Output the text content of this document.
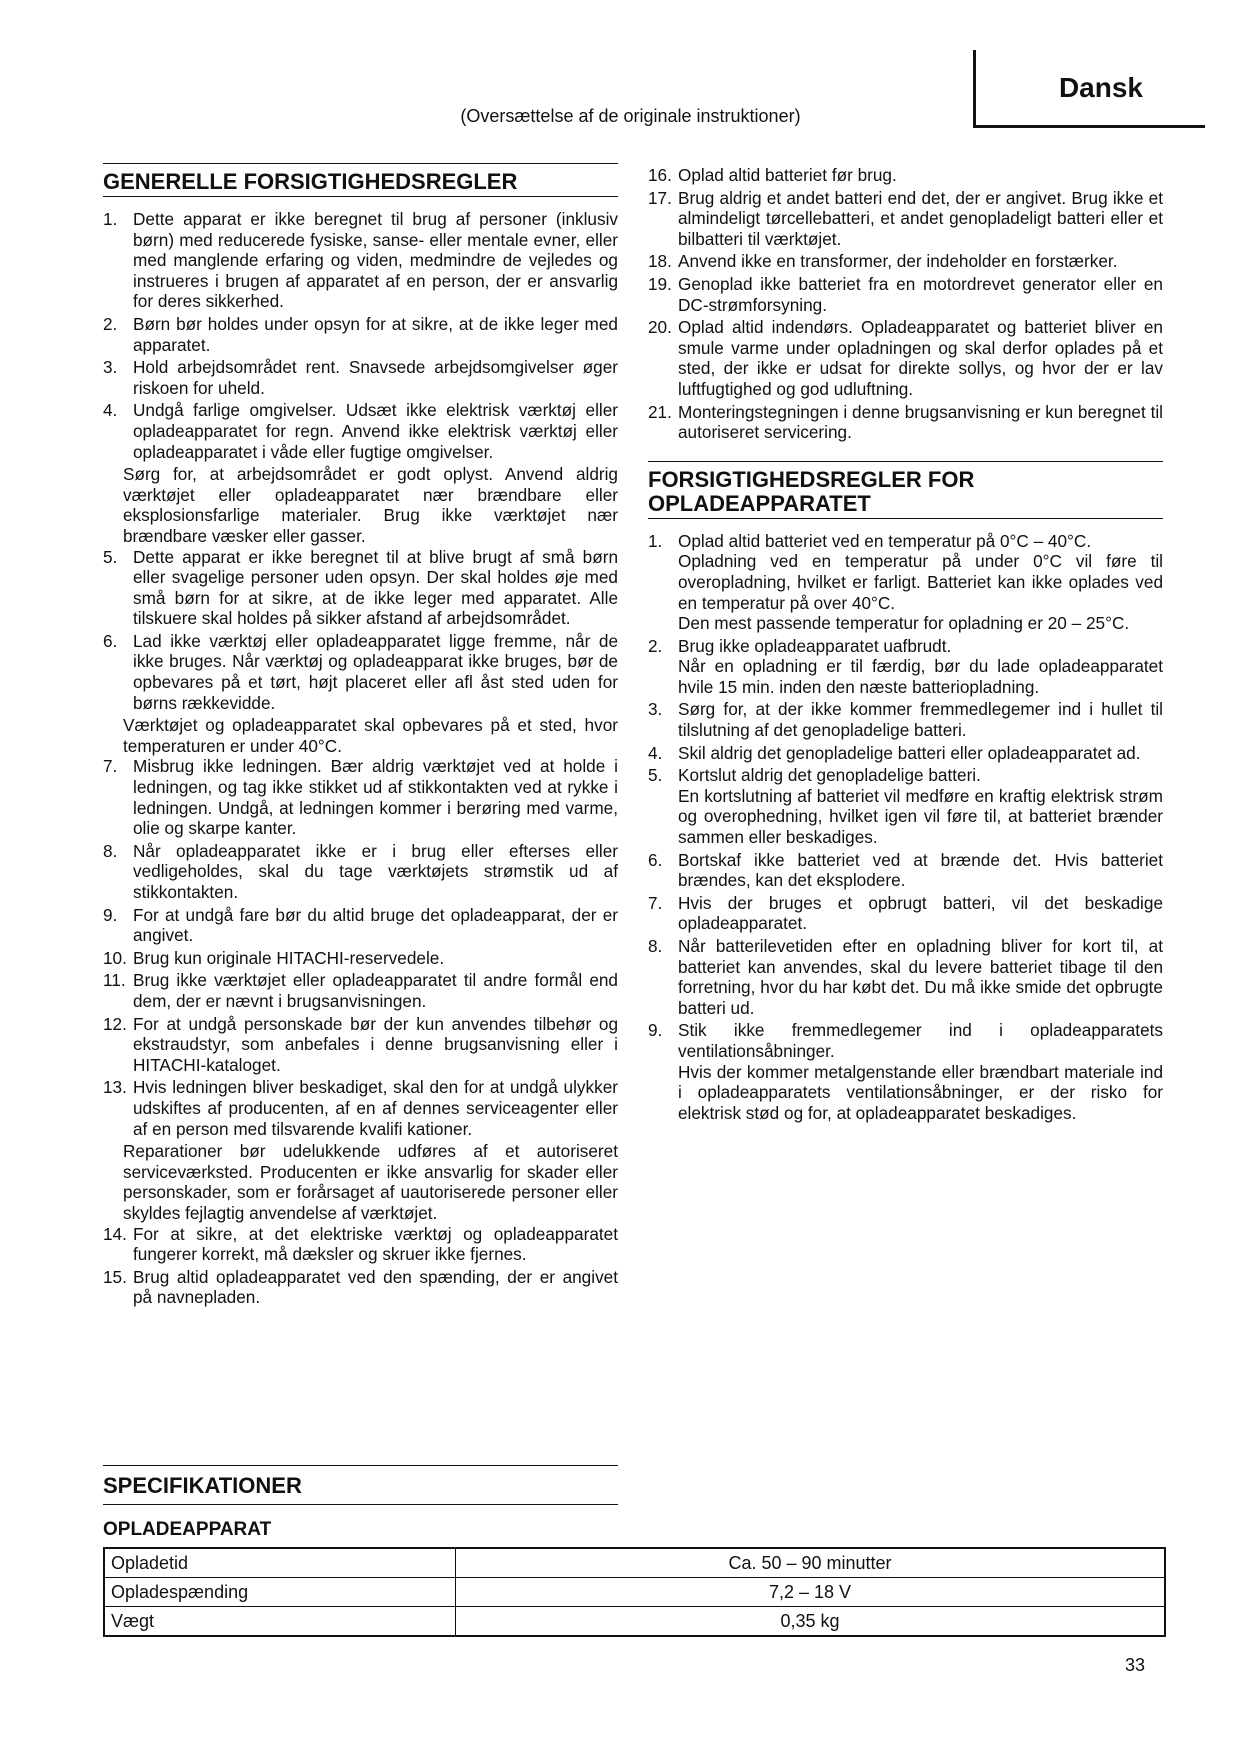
Dansk
(Oversættelse af de originale instruktioner)
GENERELLE FORSIGTIGHEDSREGLER
1. Dette apparat er ikke beregnet til brug af personer (inklusiv børn) med reducerede fysiske, sanse- eller mentale evner, eller med manglende erfaring og viden, medmindre de vejledes og instrueres i brugen af apparatet af en person, der er ansvarlig for deres sikkerhed.
2. Børn bør holdes under opsyn for at sikre, at de ikke leger med apparatet.
3. Hold arbejdsområdet rent. Snavsede arbejdsomgivelser øger riskoen for uheld.
4. Undgå farlige omgivelser. Udsæt ikke elektrisk værktøj eller opladeapparatet for regn. Anvend ikke elektrisk værktøj eller opladeapparatet i våde eller fugtige omgivelser.
Sørg for, at arbejdsområdet er godt oplyst. Anvend aldrig værktøjet eller opladeapparatet nær brændbare eller eksplosionsfarlige materialer. Brug ikke værktøjet nær brændbare væsker eller gasser.
5. Dette apparat er ikke beregnet til at blive brugt af små børn eller svagelige personer uden opsyn. Der skal holdes øje med små børn for at sikre, at de ikke leger med apparatet. Alle tilskuere skal holdes på sikker afstand af arbejdsområdet.
6. Lad ikke værktøj eller opladeapparatet ligge fremme, når de ikke bruges. Når værktøj og opladeapparat ikke bruges, bør de opbevares på et tørt, højt placeret eller afl åst sted uden for børns rækkevidde.
Værktøjet og opladeapparatet skal opbevares på et sted, hvor temperaturen er under 40°C.
7. Misbrug ikke ledningen. Bær aldrig værktøjet ved at holde i ledningen, og tag ikke stikket ud af stikkontakten ved at rykke i ledningen. Undgå, at ledningen kommer i berøring med varme, olie og skarpe kanter.
8. Når opladeapparatet ikke er i brug eller efterses eller vedligeholdes, skal du tage værktøjets strømstik ud af stikkontakten.
9. For at undgå fare bør du altid bruge det opladeapparat, der er angivet.
10. Brug kun originale HITACHI-reservedele.
11. Brug ikke værktøjet eller opladeapparatet til andre formål end dem, der er nævnt i brugsanvisningen.
12. For at undgå personskade bør der kun anvendes tilbehør og ekstraudstyr, som anbefales i denne brugsanvisning eller i HITACHI-kataloget.
13. Hvis ledningen bliver beskadiget, skal den for at undgå ulykker udskiftes af producenten, af en af dennes serviceagenter eller af en person med tilsvarende kvalifi kationer.
Reparationer bør udelukkende udføres af et autoriseret serviceværksted. Producenten er ikke ansvarlig for skader eller personskader, som er forårsaget af uautoriserede personer eller skyldes fejlagtig anvendelse af værktøjet.
14. For at sikre, at det elektriske værktøj og opladeapparatet fungerer korrekt, må dæksler og skruer ikke fjernes.
15. Brug altid opladeapparatet ved den spænding, der er angivet på navnepladen.
16. Oplad altid batteriet før brug.
17. Brug aldrig et andet batteri end det, der er angivet. Brug ikke et almindeligt tørcellebatteri, et andet genopladeligt batteri eller et bilbatteri til værktøjet.
18. Anvend ikke en transformer, der indeholder en forstærker.
19. Genoplad ikke batteriet fra en motordrevet generator eller en DC-strømforsyning.
20. Oplad altid indendørs. Opladeapparatet og batteriet bliver en smule varme under opladningen og skal derfor oplades på et sted, der ikke er udsat for direkte sollys, og hvor der er lav luftfugtighed og god udluftning.
21. Monteringstegningen i denne brugsanvisning er kun beregnet til autoriseret servicering.
FORSIGTIGHEDSREGLER FOR OPLADEAPPARATET
1. Oplad altid batteriet ved en temperatur på 0°C – 40°C.
Opladning ved en temperatur på under 0°C vil føre til overopladning, hvilket er farligt. Batteriet kan ikke oplades ved en temperatur på over 40°C.
Den mest passende temperatur for opladning er 20 – 25°C.
2. Brug ikke opladeapparatet uafbrudt.
Når en opladning er til færdig, bør du lade opladeapparatet hvile 15 min. inden den næste batteriopladning.
3. Sørg for, at der ikke kommer fremmedlegemer ind i hullet til tilslutning af det genopladelige batteri.
4. Skil aldrig det genopladelige batteri eller opladeapparatet ad.
5. Kortslut aldrig det genopladelige batteri.
En kortslutning af batteriet vil medføre en kraftig elektrisk strøm og overophedning, hvilket igen vil føre til, at batteriet brænder sammen eller beskadiges.
6. Bortskaf ikke batteriet ved at brænde det. Hvis batteriet brændes, kan det eksplodere.
7. Hvis der bruges et opbrugt batteri, vil det beskadige opladeapparatet.
8. Når batterilevetiden efter en opladning bliver for kort til, at batteriet kan anvendes, skal du levere batteriet tibage til den forretning, hvor du har købt det. Du må ikke smide det opbrugte batteri ud.
9. Stik ikke fremmedlegemer ind i opladeapparatets ventilationsåbninger.
Hvis der kommer metalgenstande eller brændbart materiale ind i opladeapparatets ventilationsåbninger, er der risko for elektrisk stød og for, at opladeapparatet beskadiges.
SPECIFIKATIONER
OPLADEAPPARAT
Opladetid	Ca. 50 – 90 minutter
Opladespænding	7,2 – 18 V
Vægt	0,35 kg
33
